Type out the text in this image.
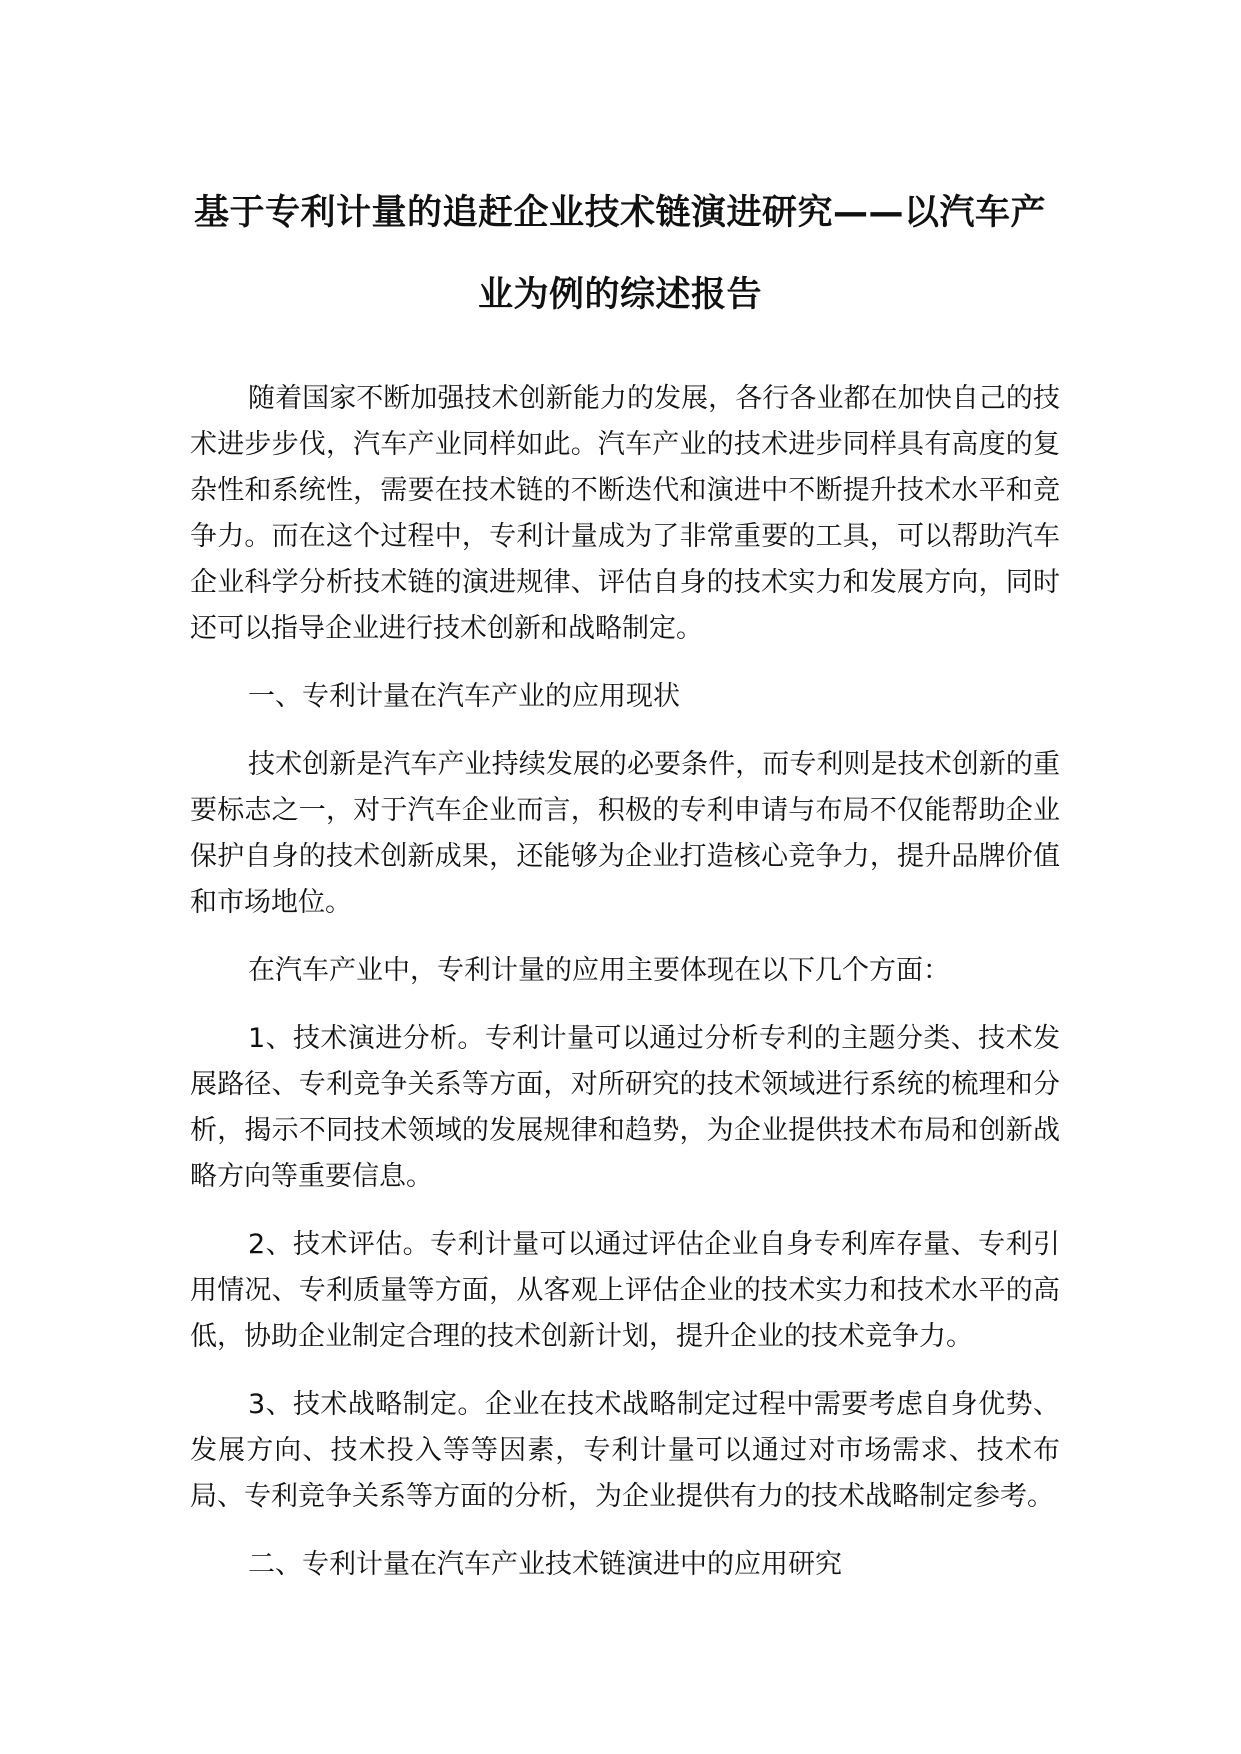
基于专利计量的追赶企业技术链演进研究——以汽车产业为例的综述报告

随着国家不断加强技术创新能力的发展，各行各业都在加快自己的技术进步步伐，汽车产业同样如此。汽车产业的技术进步同样具有高度的复杂性和系统性，需要在技术链的不断迭代和演进中不断提升技术水平和竞争力。而在这个过程中，专利计量成为了非常重要的工具，可以帮助汽车企业科学分析技术链的演进规律、评估自身的技术实力和发展方向，同时还可以指导企业进行技术创新和战略制定。

一、专利计量在汽车产业的应用现状

技术创新是汽车产业持续发展的必要条件，而专利则是技术创新的重要标志之一，对于汽车企业而言，积极的专利申请与布局不仅能帮助企业保护自身的技术创新成果，还能够为企业打造核心竞争力，提升品牌价值和市场地位。

在汽车产业中，专利计量的应用主要体现在以下几个方面：

1、技术演进分析。专利计量可以通过分析专利的主题分类、技术发展路径、专利竞争关系等方面，对所研究的技术领域进行系统的梳理和分析，揭示不同技术领域的发展规律和趋势，为企业提供技术布局和创新战略方向等重要信息。

2、技术评估。专利计量可以通过评估企业自身专利库存量、专利引用情况、专利质量等方面，从客观上评估企业的技术实力和技术水平的高低，协助企业制定合理的技术创新计划，提升企业的技术竞争力。

3、技术战略制定。企业在技术战略制定过程中需要考虑自身优势、发展方向、技术投入等等因素，专利计量可以通过对市场需求、技术布局、专利竞争关系等方面的分析，为企业提供有力的技术战略制定参考。

二、专利计量在汽车产业技术链演进中的应用研究
